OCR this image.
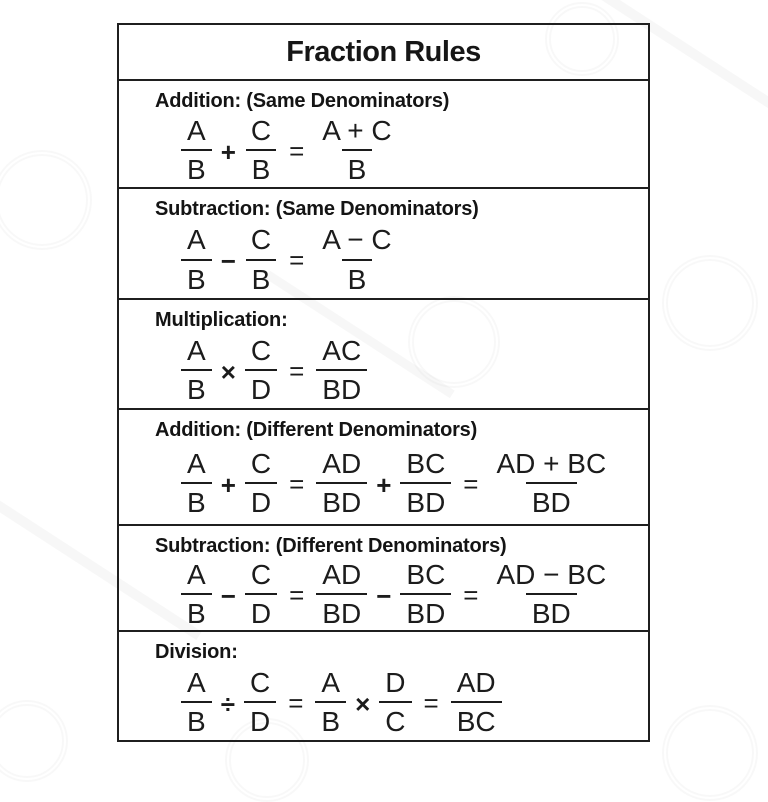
Fraction Rules
Addition: (Same Denominators)
$\frac{A}{B} + \frac{C}{B} = \frac{A + C}{B}$
Subtraction: (Same Denominators)
$\frac{A}{B} - \frac{C}{B} = \frac{A - C}{B}$
Multiplication:
$\frac{A}{B} \times \frac{C}{D} = \frac{AC}{BD}$
Addition: (Different Denominators)
$\frac{A}{B} + \frac{C}{D} = \frac{AD}{BD} + \frac{BC}{BD} = \frac{AD + BC}{BD}$
Subtraction: (Different Denominators)
$\frac{A}{B} - \frac{C}{D} = \frac{AD}{BD} - \frac{BC}{BD} = \frac{AD - BC}{BD}$
Division:
$\frac{A}{B} \div \frac{C}{D} = \frac{A}{B} \times \frac{D}{C} = \frac{AD}{BC}$
